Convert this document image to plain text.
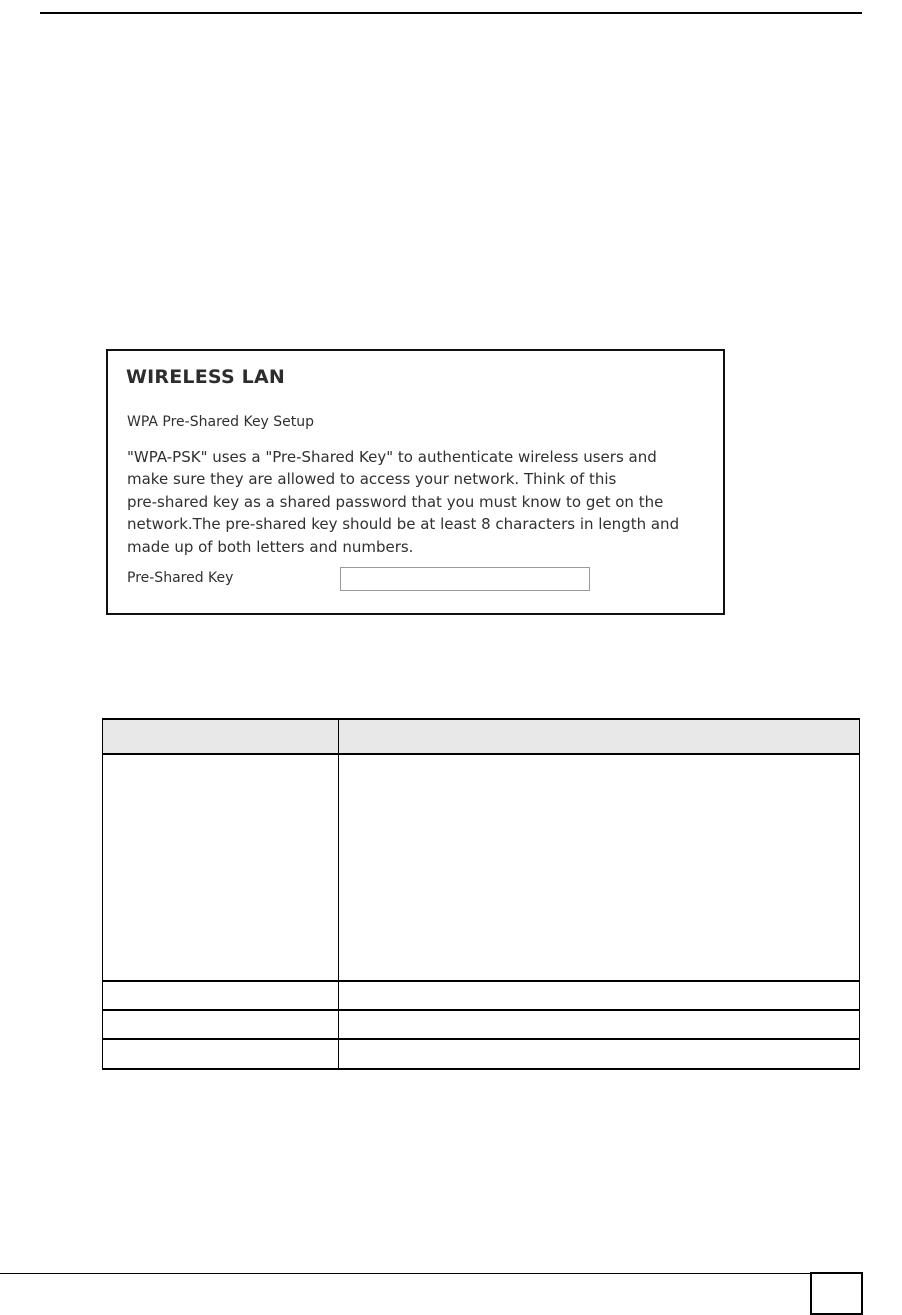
WIRELESS LAN
WPA Pre-Shared Key Setup
"WPA-PSK" uses a "Pre-Shared Key" to authenticate wireless users and
make sure they are allowed to access your network. Think of this
pre-shared key as a shared password that you must know to get on the
network.The pre-shared key should be at least 8 characters in length and
made up of both letters and numbers.
Pre-Shared Key
